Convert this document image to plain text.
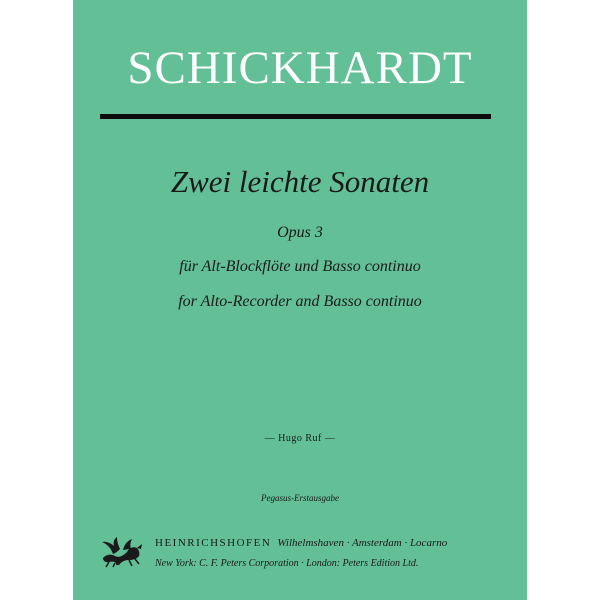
SCHICKHARDT
Zwei leichte Sonaten
Opus 3
für Alt-Blockflöte und Basso continuo
for Alto-Recorder and Basso continuo
— Hugo Ruf —
Pegasus-Erstausgabe
HEINRICHSHOFEN Wilhelmshaven · Amsterdam · Locarno
New York: C. F. Peters Corporation · London: Peters Edition Ltd.
